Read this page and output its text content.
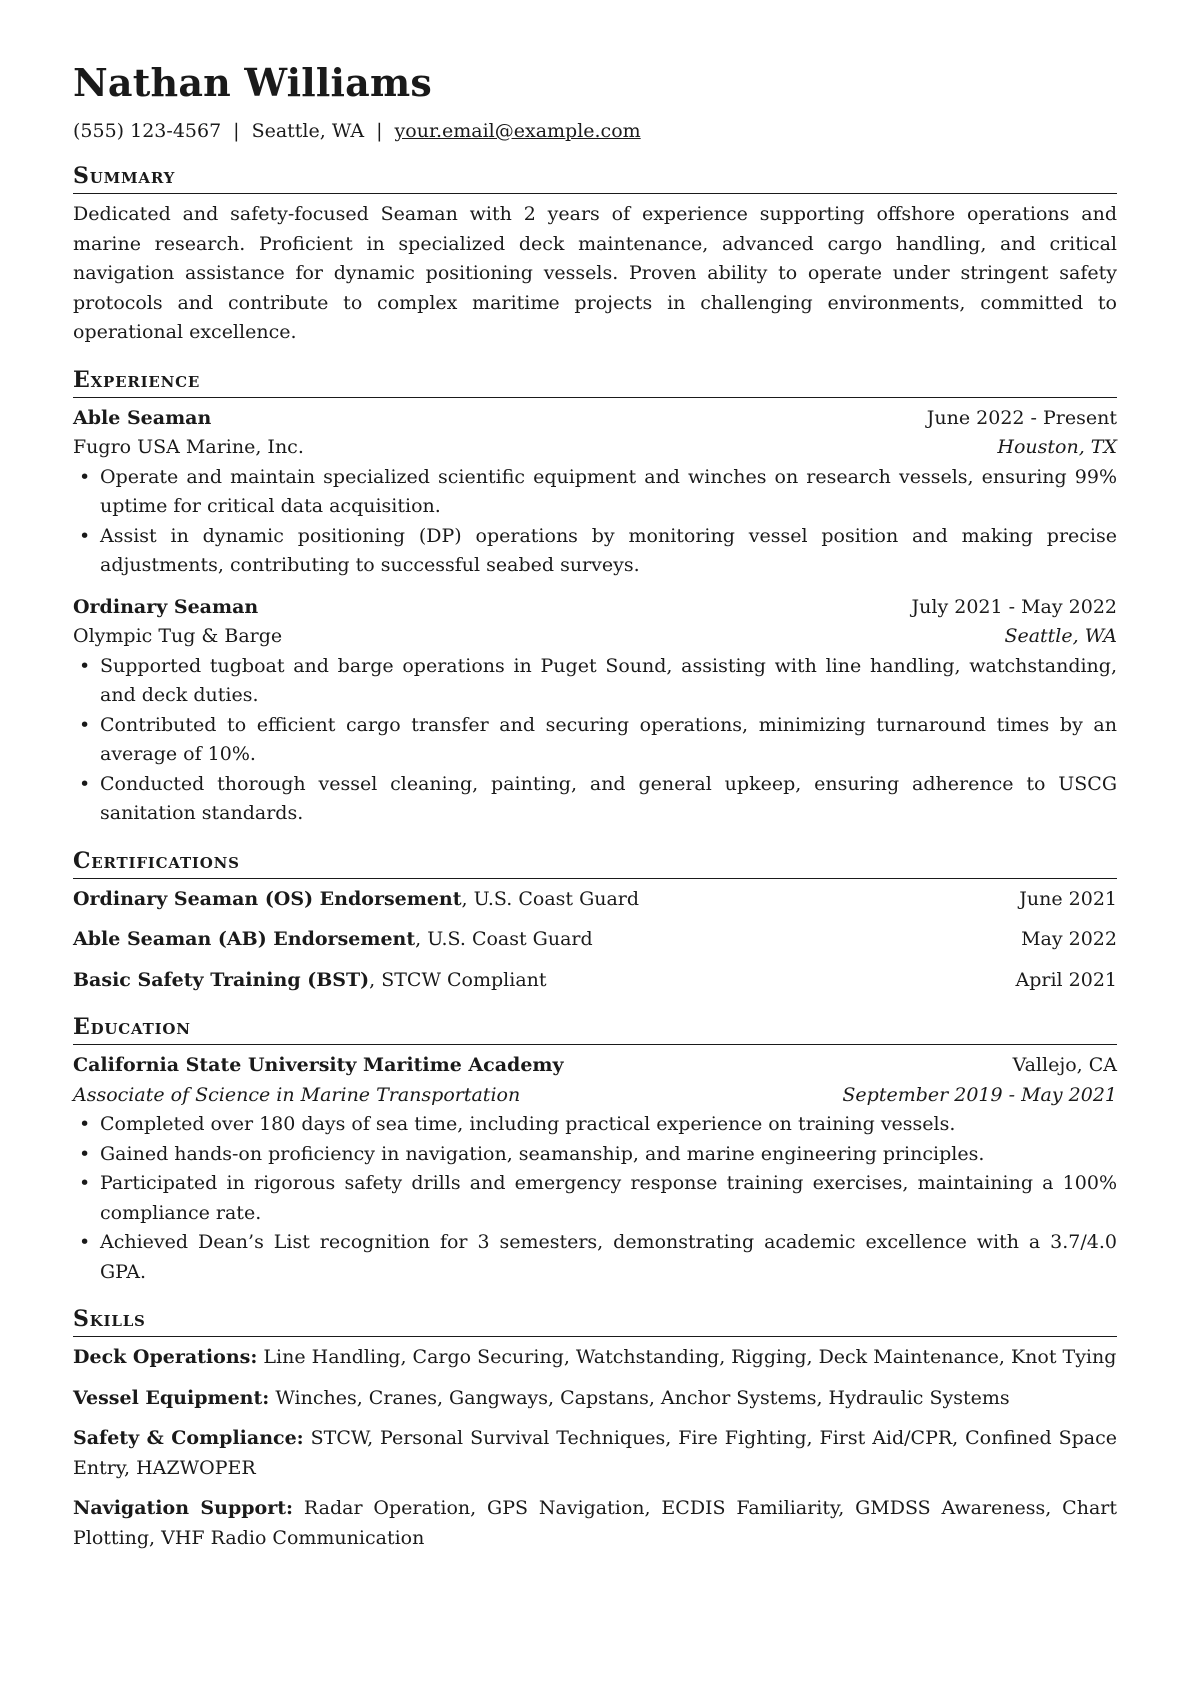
Nathan Williams
(555) 123-4567 | Seattle, WA | your.email@example.com
Summary

Dedicated and safety-focused Seaman with 2 years of experience supporting offshore operations and marine research. Proficient in specialized deck maintenance, advanced cargo handling, and critical navigation assistance for dynamic positioning vessels. Proven ability to operate under stringent safety protocols and contribute to complex maritime projects in challenging environments, committed to operational excellence.

Experience
Able Seaman	June 2022 - Present
Fugro USA Marine, Inc.	Houston, TX
• Operate and maintain specialized scientific equipment and winches on research vessels, ensuring 99% uptime for critical data acquisition.
• Assist in dynamic positioning (DP) operations by monitoring vessel position and making precise adjustments, contributing to successful seabed surveys.
Ordinary Seaman	July 2021 - May 2022
Olympic Tug & Barge	Seattle, WA
• Supported tugboat and barge operations in Puget Sound, assisting with line handling, watchstanding, and deck duties.
• Contributed to efficient cargo transfer and securing operations, minimizing turnaround times by an average of 10%.
• Conducted thorough vessel cleaning, painting, and general upkeep, ensuring adherence to USCG sanitation standards.
Certifications
Ordinary Seaman (OS) Endorsement, U.S. Coast Guard	June 2021
Able Seaman (AB) Endorsement, U.S. Coast Guard	May 2022
Basic Safety Training (BST), STCW Compliant	April 2021
Education
California State University Maritime Academy	Vallejo, CA
Associate of Science in Marine Transportation	September 2019 - May 2021
• Completed over 180 days of sea time, including practical experience on training vessels.
• Gained hands-on proficiency in navigation, seamanship, and marine engineering principles.
• Participated in rigorous safety drills and emergency response training exercises, maintaining a 100% compliance rate.
• Achieved Dean’s List recognition for 3 semesters, demonstrating academic excellence with a 3.7/4.0 GPA.
Skills
Deck Operations: Line Handling, Cargo Securing, Watchstanding, Rigging, Deck Maintenance, Knot Tying
Vessel Equipment: Winches, Cranes, Gangways, Capstans, Anchor Systems, Hydraulic Systems
Safety & Compliance: STCW, Personal Survival Techniques, Fire Fighting, First Aid/CPR, Confined Space Entry, HAZWOPER
Navigation Support: Radar Operation, GPS Navigation, ECDIS Familiarity, GMDSS Awareness, Chart Plotting, VHF Radio Communication
